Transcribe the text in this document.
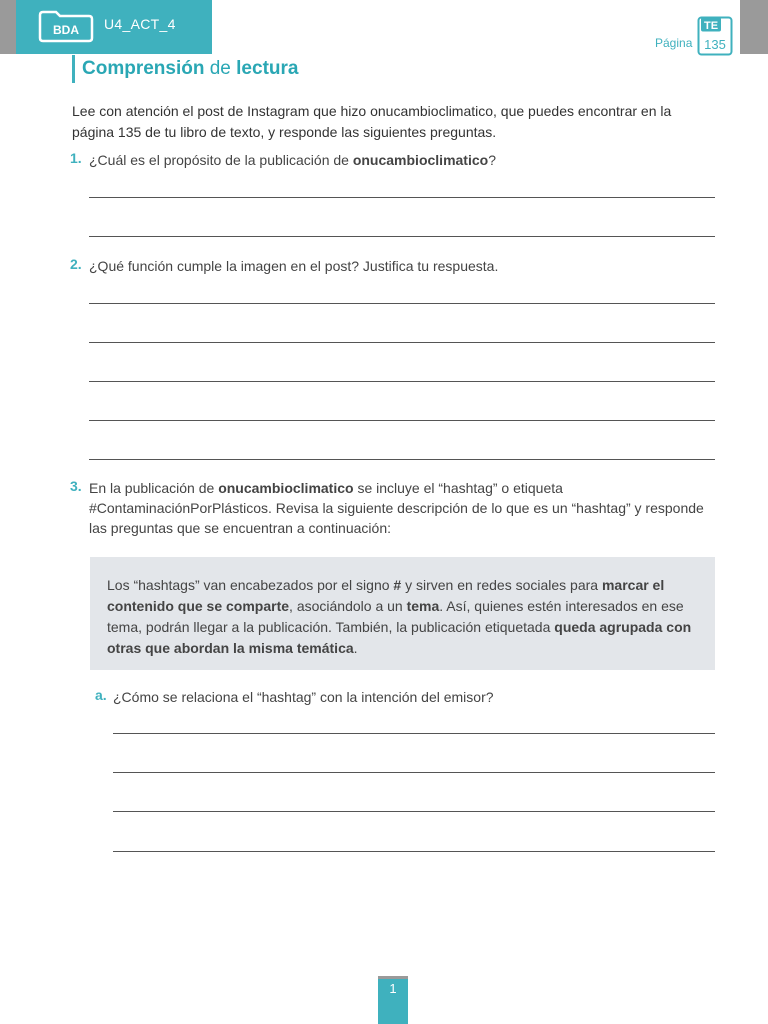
BDA U4_ACT_4
Página
TE
135
Comprensión de lectura
Lee con atención el post de Instagram que hizo onucambioclimatico, que puedes encontrar en la página 135 de tu libro de texto, y responde las siguientes preguntas.
1. ¿Cuál es el propósito de la publicación de onucambioclimatico?
2. ¿Qué función cumple la imagen en el post? Justifica tu respuesta.
3. En la publicación de onucambioclimatico se incluye el “hashtag” o etiqueta #ContaminaciónPorPlásticos. Revisa la siguiente descripción de lo que es un “hashtag” y responde las preguntas que se encuentran a continuación:
Los “hashtags” van encabezados por el signo # y sirven en redes sociales para marcar el contenido que se comparte, asociándolo a un tema. Así, quienes estén interesados en ese tema, podrán llegar a la publicación. También, la publicación etiquetada queda agrupada con otras que abordan la misma temática.
a. ¿Cómo se relaciona el “hashtag” con la intención del emisor?
1
